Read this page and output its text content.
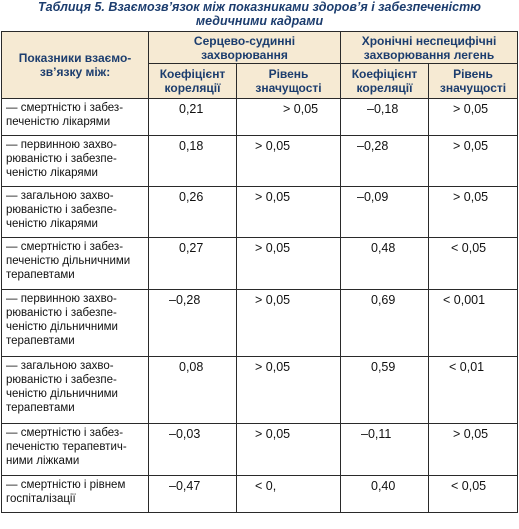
Таблиця 5. Взаємозв’язок між показниками здоров’я і забезпеченістю
медичними кадрами
Показники взаємо-зв’язку між:	Серцево-судинні захворювання		Хронічні неспецифічні захворювання легень	
	Коефіцієнт кореляції	Рівень значущості	Коефіцієнт кореляції	Рівень значущості
— смертністю і забез-печеністю лікарями	0,21	> 0,05	–0,18	> 0,05
— первинною захво-рюваністю і забезпе-ченістю лікарями	0,18	> 0,05	–0,28	> 0,05
— загальною захво-рюваністю і забезпе-ченістю лікарями	0,26	> 0,05	–0,09	> 0,05
— смертністю і забез-печеністю дільничними терапевтами	0,27	> 0,05	0,48	< 0,05
— первинною захво-рюваністю і забезпе-ченістю дільничними терапевтами	–0,28	> 0,05	0,69	< 0,001
— загальною захво-рюваністю і забезпе-ченістю дільничними терапевтами	0,08	> 0,05	0,59	< 0,01
— смертністю і забез-печеністю терапевтич-ними ліжками	–0,03	> 0,05	–0,11	> 0,05
— смертністю і рівнем госпіталізації	–0,47	< 0,	0,40	< 0,05
